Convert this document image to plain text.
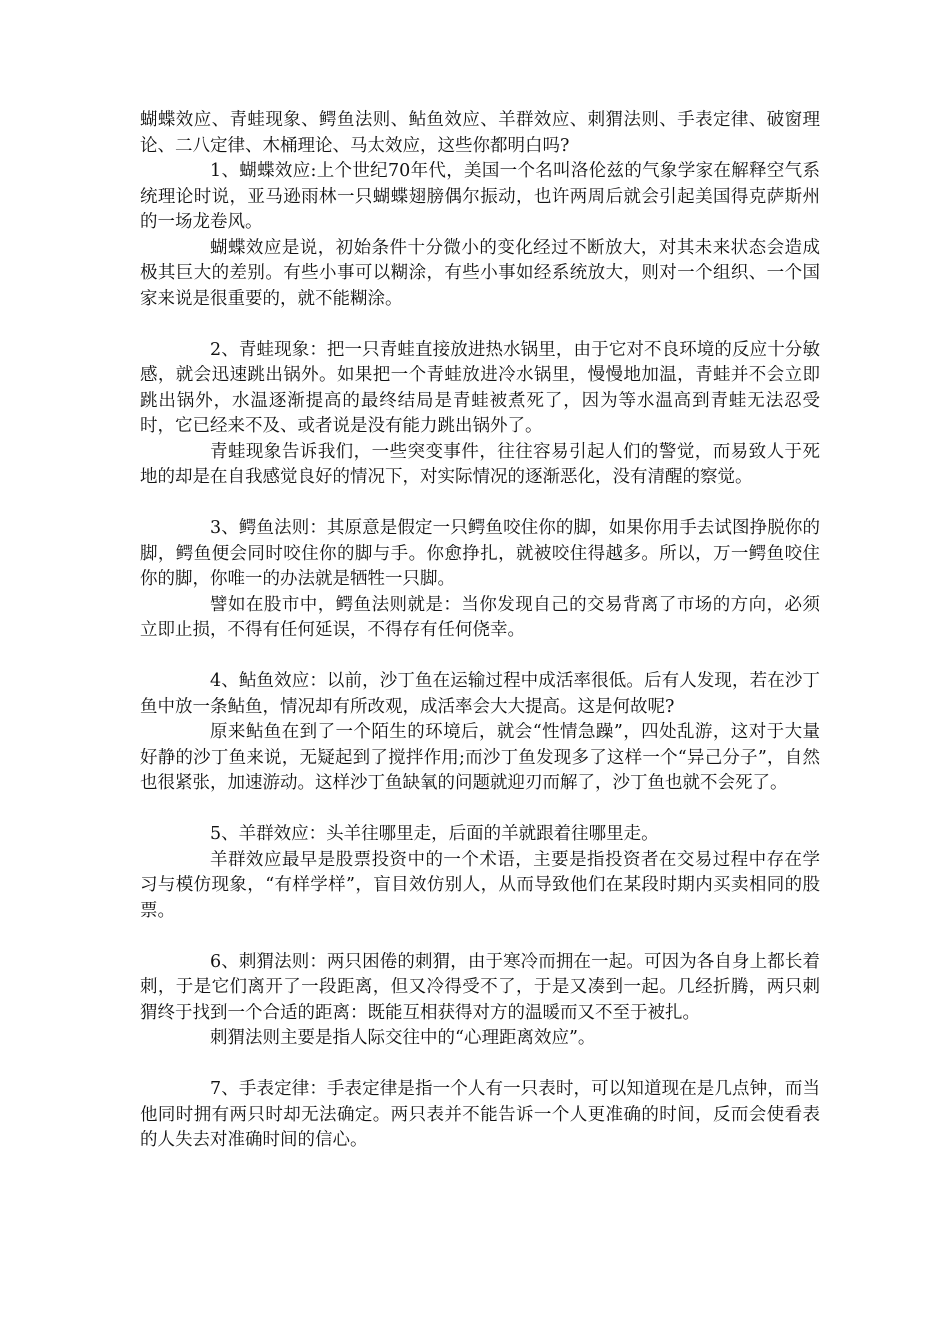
蝴蝶效应、青蛙现象、鳄鱼法则、鲇鱼效应、羊群效应、刺猬法则、手表定律、破窗理论、二八定律、木桶理论、马太效应，这些你都明白吗?

1、蝴蝶效应:上个世纪70年代，美国一个名叫洛伦兹的气象学家在解释空气系统理论时说，亚马逊雨林一只蝴蝶翅膀偶尔振动，也许两周后就会引起美国得克萨斯州的一场龙卷风。

蝴蝶效应是说，初始条件十分微小的变化经过不断放大，对其未来状态会造成极其巨大的差别。有些小事可以糊涂，有些小事如经系统放大，则对一个组织、一个国家来说是很重要的，就不能糊涂。

2、青蛙现象：把一只青蛙直接放进热水锅里，由于它对不良环境的反应十分敏感，就会迅速跳出锅外。如果把一个青蛙放进冷水锅里，慢慢地加温，青蛙并不会立即跳出锅外，水温逐渐提高的最终结局是青蛙被煮死了，因为等水温高到青蛙无法忍受时，它已经来不及、或者说是没有能力跳出锅外了。

青蛙现象告诉我们，一些突变事件，往往容易引起人们的警觉，而易致人于死地的却是在自我感觉良好的情况下，对实际情况的逐渐恶化，没有清醒的察觉。

3、鳄鱼法则：其原意是假定一只鳄鱼咬住你的脚，如果你用手去试图挣脱你的脚，鳄鱼便会同时咬住你的脚与手。你愈挣扎，就被咬住得越多。所以，万一鳄鱼咬住你的脚，你唯一的办法就是牺牲一只脚。

譬如在股市中，鳄鱼法则就是：当你发现自己的交易背离了市场的方向，必须立即止损，不得有任何延误，不得存有任何侥幸。

4、鲇鱼效应：以前，沙丁鱼在运输过程中成活率很低。后有人发现，若在沙丁鱼中放一条鲇鱼，情况却有所改观，成活率会大大提高。这是何故呢?

原来鲇鱼在到了一个陌生的环境后，就会“性情急躁”，四处乱游，这对于大量好静的沙丁鱼来说，无疑起到了搅拌作用;而沙丁鱼发现多了这样一个“异己分子”，自然也很紧张，加速游动。这样沙丁鱼缺氧的问题就迎刃而解了，沙丁鱼也就不会死了。

5、羊群效应：头羊往哪里走，后面的羊就跟着往哪里走。

羊群效应最早是股票投资中的一个术语，主要是指投资者在交易过程中存在学习与模仿现象，“有样学样”，盲目效仿别人，从而导致他们在某段时期内买卖相同的股票。

6、刺猬法则：两只困倦的刺猬，由于寒冷而拥在一起。可因为各自身上都长着刺，于是它们离开了一段距离，但又冷得受不了，于是又凑到一起。几经折腾，两只刺猬终于找到一个合适的距离：既能互相获得对方的温暖而又不至于被扎。

刺猬法则主要是指人际交往中的“心理距离效应”。

7、手表定律：手表定律是指一个人有一只表时，可以知道现在是几点钟，而当他同时拥有两只时却无法确定。两只表并不能告诉一个人更准确的时间，反而会使看表的人失去对准确时间的信心。
